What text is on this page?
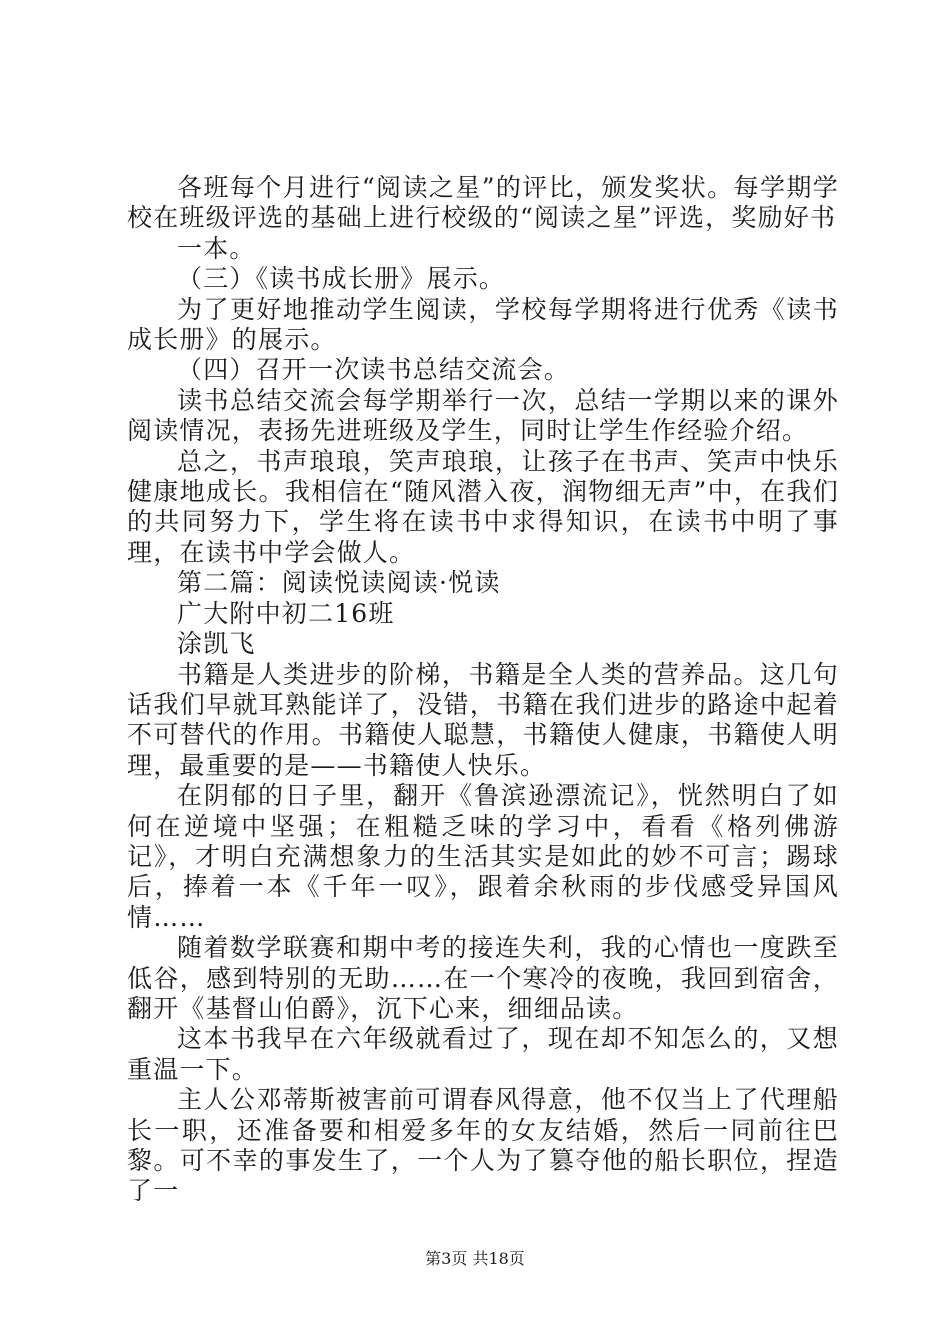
各班每个月进行“阅读之星”的评比，颁发奖状。每学期学校在班级评选的基础上进行校级的“阅读之星”评选，奖励好书

一本。

（三）《读书成长册》展示。

为了更好地推动学生阅读，学校每学期将进行优秀《读书成长册》的展示。

（四）召开一次读书总结交流会。

读书总结交流会每学期举行一次，总结一学期以来的课外阅读情况，表扬先进班级及学生，同时让学生作经验介绍。

总之，书声琅琅，笑声琅琅，让孩子在书声、笑声中快乐健康地成长。我相信在“随风潜入夜，润物细无声”中，在我们的共同努力下，学生将在读书中求得知识，在读书中明了事理，在读书中学会做人。

第二篇：阅读悦读阅读·悦读

广大附中初二16班

涂凯飞

书籍是人类进步的阶梯，书籍是全人类的营养品。这几句话我们早就耳熟能详了，没错，书籍在我们进步的路途中起着不可替代的作用。书籍使人聪慧，书籍使人健康，书籍使人明理，最重要的是——书籍使人快乐。

在阴郁的日子里，翻开《鲁滨逊漂流记》，恍然明白了如何在逆境中坚强；在粗糙乏味的学习中，看看《格列佛游记》，才明白充满想象力的生活其实是如此的妙不可言；踢球后，捧着一本《千年一叹》，跟着余秋雨的步伐感受异国风情……

随着数学联赛和期中考的接连失利，我的心情也一度跌至低谷，感到特别的无助……在一个寒冷的夜晚，我回到宿舍，翻开《基督山伯爵》，沉下心来，细细品读。

这本书我早在六年级就看过了，现在却不知怎么的，又想重温一下。

主人公邓蒂斯被害前可谓春风得意，他不仅当上了代理船长一职，还准备要和相爱多年的女友结婚，然后一同前往巴黎。可不幸的事发生了，一个人为了篡夺他的船长职位，捏造了一

第3页 共18页
